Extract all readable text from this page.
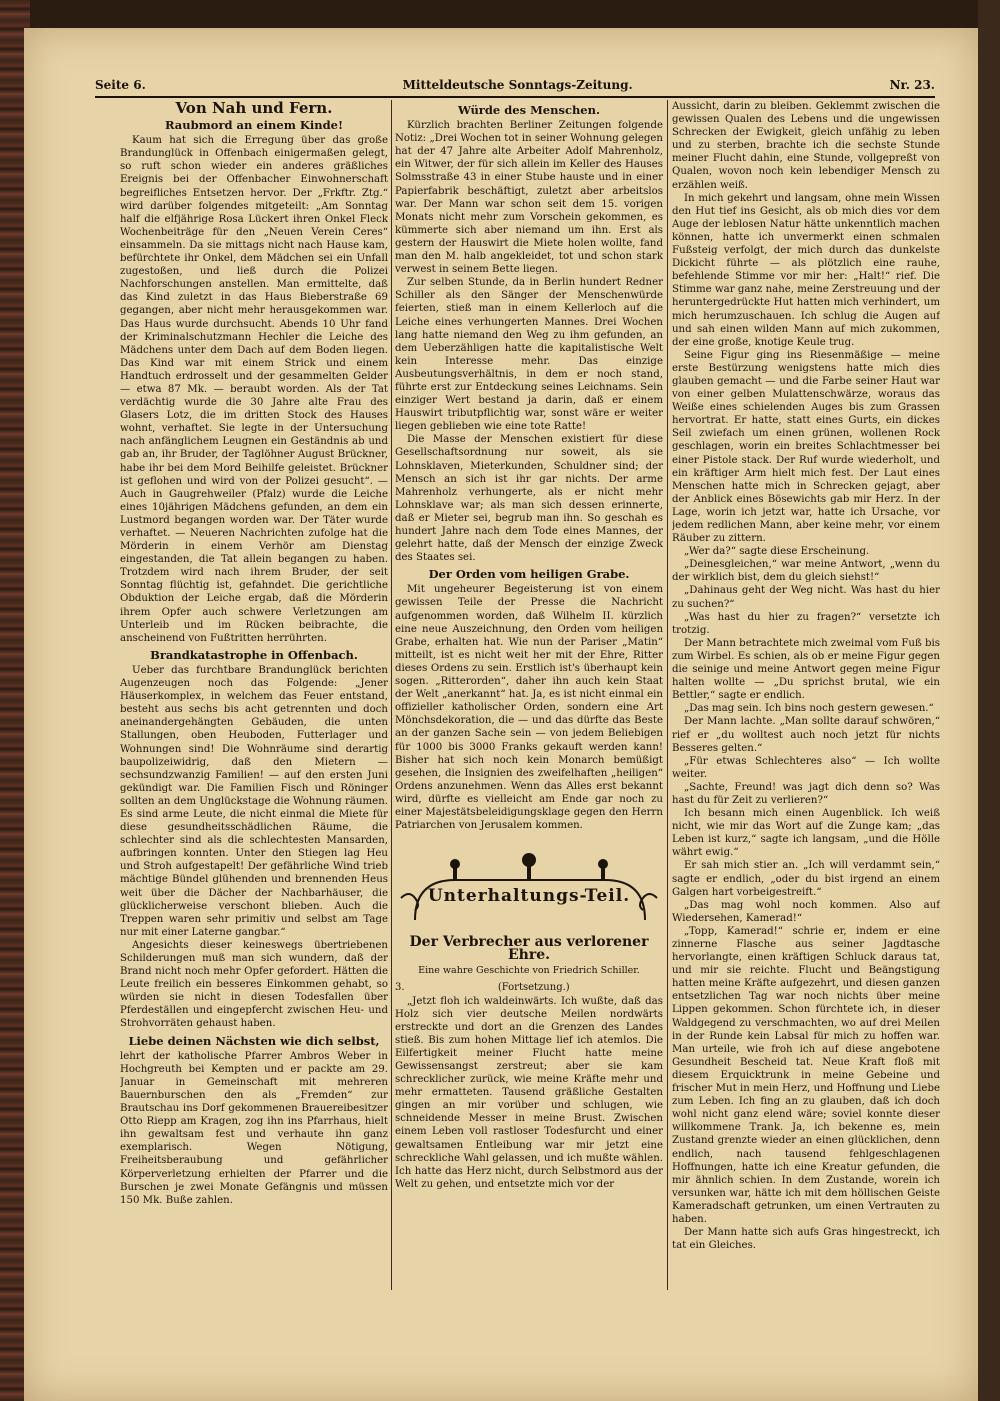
Seite 6.	Mitteldeutsche Sonntags-Zeitung.	Nr. 23.
Von Nah und Fern.
Raubmord an einem Kinde!

Kaum hat sich die Erregung über das große Brandunglück in Offenbach einigermaßen gelegt, so ruft schon wieder ein anderes gräßliches Ereignis bei der Offenbacher Einwohnerschaft begreifliches Entsetzen hervor. Der „Frkftr. Ztg.“ wird darüber folgendes mitgeteilt: „Am Sonntag half die elfjährige Rosa Lückert ihren Onkel Fleck Wochenbeiträge für den „Neuen Verein Ceres“ einsammeln. Da sie mittags nicht nach Hause kam, befürchtete ihr Onkel, dem Mädchen sei ein Unfall zugestoßen, und ließ durch die Polizei Nachforschungen anstellen. Man ermittelte, daß das Kind zuletzt in das Haus Bieberstraße 69 gegangen, aber nicht mehr herausgekommen war. Das Haus wurde durchsucht. Abends 10 Uhr fand der Kriminalschutzmann Hechler die Leiche des Mädchens unter dem Dach auf dem Boden liegen. Das Kind war mit einem Strick und einem Handtuch erdrosselt und der gesammelten Gelder — etwa 87 Mk. — beraubt worden. Als der Tat verdächtig wurde die 30 Jahre alte Frau des Glasers Lotz, die im dritten Stock des Hauses wohnt, verhaftet. Sie legte in der Untersuchung nach anfänglichem Leugnen ein Geständnis ab und gab an, ihr Bruder, der Taglöhner August Brückner, habe ihr bei dem Mord Beihilfe geleistet. Brückner ist geflohen und wird von der Polizei gesucht“. — Auch in Gaugrehweiler (Pfalz) wurde die Leiche eines 10jährigen Mädchens gefunden, an dem ein Lustmord begangen worden war. Der Täter wurde verhaftet. — Neueren Nachrichten zufolge hat die Mörderin in einem Verhör am Dienstag eingestanden, die Tat allein begangen zu haben. Trotzdem wird nach ihrem Bruder, der seit Sonntag flüchtig ist, gefahndet. Die gerichtliche Obduktion der Leiche ergab, daß die Mörderin ihrem Opfer auch schwere Verletzungen am Unterleib und im Rücken beibrachte, die anscheinend von Fußtritten herrührten.

Brandkatastrophe in Offenbach.

Ueber das furchtbare Brandunglück berichten Augenzeugen noch das Folgende: „Jener Häuserkomplex, in welchem das Feuer entstand, besteht aus sechs bis acht getrennten und doch aneinandergehängten Gebäuden, die unten Stallungen, oben Heuboden, Futterlager und Wohnungen sind! Die Wohnräume sind derartig baupolizeiwidrig, daß den Mietern — sechsundzwanzig Familien! — auf den ersten Juni gekündigt war. Die Familien Fisch und Röninger sollten an dem Unglückstage die Wohnung räumen. Es sind arme Leute, die nicht einmal die Miete für diese gesundheitsschädlichen Räume, die schlechter sind als die schlechtesten Mansarden, aufbringen konnten. Unter den Stiegen lag Heu und Stroh aufgestapelt! Der gefährliche Wind trieb mächtige Bündel glühenden und brennenden Heus weit über die Dächer der Nachbarhäuser, die glücklicherweise verschont blieben. Auch die Treppen waren sehr primitiv und selbst am Tage nur mit einer Laterne gangbar.“

Angesichts dieser keineswegs übertriebenen Schilderungen muß man sich wundern, daß der Brand nicht noch mehr Opfer gefordert. Hätten die Leute freilich ein besseres Einkommen gehabt, so würden sie nicht in diesen Todesfallen über Pferdeställen und eingepfercht zwischen Heu- und Strohvorräten gehaust haben.

Liebe deinen Nächsten wie dich selbst,

lehrt der katholische Pfarrer Ambros Weber in Hochgreuth bei Kempten und er packte am 29. Januar in Gemeinschaft mit mehreren Bauernburschen den als „Fremden“ zur Brautschau ins Dorf gekommenen Brauereibesitzer Otto Riepp am Kragen, zog ihn ins Pfarrhaus, hielt ihn gewaltsam fest und verhaute ihn ganz exemplarisch. Wegen Nötigung, Freiheitsberaubung und gefährlicher Körperverletzung erhielten der Pfarrer und die Burschen je zwei Monate Gefängnis und müssen 150 Mk. Buße zahlen.

Würde des Menschen.

Kürzlich brachten Berliner Zeitungen folgende Notiz: „Drei Wochen tot in seiner Wohnung gelegen hat der 47 Jahre alte Arbeiter Adolf Mahrenholz, ein Witwer, der für sich allein im Keller des Hauses Solmsstraße 43 in einer Stube hauste und in einer Papierfabrik beschäftigt, zuletzt aber arbeitslos war. Der Mann war schon seit dem 15. vorigen Monats nicht mehr zum Vorschein gekommen, es kümmerte sich aber niemand um ihn. Erst als gestern der Hauswirt die Miete holen wollte, fand man den M. halb angekleidet, tot und schon stark verwest in seinem Bette liegen.

Zur selben Stunde, da in Berlin hundert Redner Schiller als den Sänger der Menschenwürde feierten, stieß man in einem Kellerloch auf die Leiche eines verhungerten Mannes. Drei Wochen lang hatte niemand den Weg zu ihm gefunden, an dem Ueberzähligen hatte die kapitalistische Welt kein Interesse mehr. Das einzige Ausbeutungsverhältnis, in dem er noch stand, führte erst zur Entdeckung seines Leichnams. Sein einziger Wert bestand ja darin, daß er einem Hauswirt tributpflichtig war, sonst wäre er weiter liegen geblieben wie eine tote Ratte!

Die Masse der Menschen existiert für diese Gesellschaftsordnung nur soweit, als sie Lohnsklaven, Mieterkunden, Schuldner sind; der Mensch an sich ist ihr gar nichts. Der arme Mahrenholz verhungerte, als er nicht mehr Lohnsklave war; als man sich dessen erinnerte, daß er Mieter sei, begrub man ihn. So geschah es hundert Jahre nach dem Tode eines Mannes, der gelehrt hatte, daß der Mensch der einzige Zweck des Staates sei.

Der Orden vom heiligen Grabe.

Mit ungeheurer Begeisterung ist von einem gewissen Teile der Presse die Nachricht aufgenommen worden, daß Wilhelm II. kürzlich eine neue Auszeichnung, den Orden vom heiligen Grabe, erhalten hat. Wie nun der Pariser „Matin“ mitteilt, ist es nicht weit her mit der Ehre, Ritter dieses Ordens zu sein. Erstlich ist's überhaupt kein sogen. „Ritterorden“, daher ihn auch kein Staat der Welt „anerkannt“ hat. Ja, es ist nicht einmal ein offizieller katholischer Orden, sondern eine Art Mönchsdekoration, die — und das dürfte das Beste an der ganzen Sache sein — von jedem Beliebigen für 1000 bis 3000 Franks gekauft werden kann! Bisher hat sich noch kein Monarch bemüßigt gesehen, die Insignien des zweifelhaften „heiligen“ Ordens anzunehmen. Wenn das Alles erst bekannt wird, dürfte es vielleicht am Ende gar noch zu einer Majestätsbeleidigungsklage gegen den Herrn Patriarchen von Jerusalem kommen.

Unterhaltungs-Teil.
Der Verbrecher aus verlorener Ehre.
Eine wahre Geschichte von Friedrich Schiller.
3.	(Fortsetzung.)

„Jetzt floh ich waldeinwärts. Ich wußte, daß das Holz sich vier deutsche Meilen nordwärts erstreckte und dort an die Grenzen des Landes stieß. Bis zum hohen Mittage lief ich atemlos. Die Eilfertigkeit meiner Flucht hatte meine Gewissensangst zerstreut; aber sie kam schrecklicher zurück, wie meine Kräfte mehr und mehr ermatteten. Tausend gräßliche Gestalten gingen an mir vorüber und schlugen, wie schneidende Messer in meine Brust. Zwischen einem Leben voll rastloser Todesfurcht und einer gewaltsamen Entleibung war mir jetzt eine schreckliche Wahl gelassen, und ich mußte wählen. Ich hatte das Herz nicht, durch Selbstmord aus der Welt zu gehen, und entsetzte mich vor der

Aussicht, darin zu bleiben. Geklemmt zwischen die gewissen Qualen des Lebens und die ungewissen Schrecken der Ewigkeit, gleich unfähig zu leben und zu sterben, brachte ich die sechste Stunde meiner Flucht dahin, eine Stunde, vollgepreßt von Qualen, wovon noch kein lebendiger Mensch zu erzählen weiß.

In mich gekehrt und langsam, ohne mein Wissen den Hut tief ins Gesicht, als ob mich dies vor dem Auge der leblosen Natur hätte unkenntlich machen können, hatte ich unvermerkt einen schmalen Fußsteig verfolgt, der mich durch das dunkelste Dickicht führte — als plötzlich eine rauhe, befehlende Stimme vor mir her: „Halt!“ rief. Die Stimme war ganz nahe, meine Zerstreuung und der heruntergedrückte Hut hatten mich verhindert, um mich herumzuschauen. Ich schlug die Augen auf und sah einen wilden Mann auf mich zukommen, der eine große, knotige Keule trug.

Seine Figur ging ins Riesenmäßige — meine erste Bestürzung wenigstens hatte mich dies glauben gemacht — und die Farbe seiner Haut war von einer gelben Mulattenschwärze, woraus das Weiße eines schielenden Auges bis zum Grassen hervortrat. Er hatte, statt eines Gurts, ein dickes Seil zwiefach um einen grünen, wollenen Rock geschlagen, worin ein breites Schlachtmesser bei einer Pistole stack. Der Ruf wurde wiederholt, und ein kräftiger Arm hielt mich fest. Der Laut eines Menschen hatte mich in Schrecken gejagt, aber der Anblick eines Bösewichts gab mir Herz. In der Lage, worin ich jetzt war, hatte ich Ursache, vor jedem redlichen Mann, aber keine mehr, vor einem Räuber zu zittern.

„Wer da?“ sagte diese Erscheinung.

„Deinesgleichen,“ war meine Antwort, „wenn du der wirklich bist, dem du gleich siehst!“

„Dahinaus geht der Weg nicht. Was hast du hier zu suchen?“

„Was hast du hier zu fragen?“ versetzte ich trotzig.

Der Mann betrachtete mich zweimal vom Fuß bis zum Wirbel. Es schien, als ob er meine Figur gegen die seinige und meine Antwort gegen meine Figur halten wollte — „Du sprichst brutal, wie ein Bettler,“ sagte er endlich.

„Das mag sein. Ich bins noch gestern gewesen.“

Der Mann lachte. „Man sollte darauf schwören,“ rief er „du wolltest auch noch jetzt für nichts Besseres gelten.“

„Für etwas Schlechteres also“ — Ich wollte weiter.

„Sachte, Freund! was jagt dich denn so? Was hast du für Zeit zu verlieren?“

Ich besann mich einen Augenblick. Ich weiß nicht, wie mir das Wort auf die Zunge kam; „das Leben ist kurz,“ sagte ich langsam, „und die Hölle währt ewig.“

Er sah mich stier an. „Ich will verdammt sein,“ sagte er endlich, „oder du bist irgend an einem Galgen hart vorbeigestreift.“

„Das mag wohl noch kommen. Also auf Wiedersehen, Kamerad!“

„Topp, Kamerad!“ schrie er, indem er eine zinnerne Flasche aus seiner Jagdtasche hervorlangte, einen kräftigen Schluck daraus tat, und mir sie reichte. Flucht und Beängstigung hatten meine Kräfte aufgezehrt, und diesen ganzen entsetzlichen Tag war noch nichts über meine Lippen gekommen. Schon fürchtete ich, in dieser Waldgegend zu verschmachten, wo auf drei Meilen in der Runde kein Labsal für mich zu hoffen war. Man urteile, wie froh ich auf diese angebotene Gesundheit Bescheid tat. Neue Kraft floß mit diesem Erquicktrunk in meine Gebeine und frischer Mut in mein Herz, und Hoffnung und Liebe zum Leben. Ich fing an zu glauben, daß ich doch wohl nicht ganz elend wäre; soviel konnte dieser willkommene Trank. Ja, ich bekenne es, mein Zustand grenzte wieder an einen glücklichen, denn endlich, nach tausend fehlgeschlagenen Hoffnungen, hatte ich eine Kreatur gefunden, die mir ähnlich schien. In dem Zustande, worein ich versunken war, hätte ich mit dem höllischen Geiste Kameradschaft getrunken, um einen Vertrauten zu haben.

Der Mann hatte sich aufs Gras hingestreckt, ich tat ein Gleiches.
